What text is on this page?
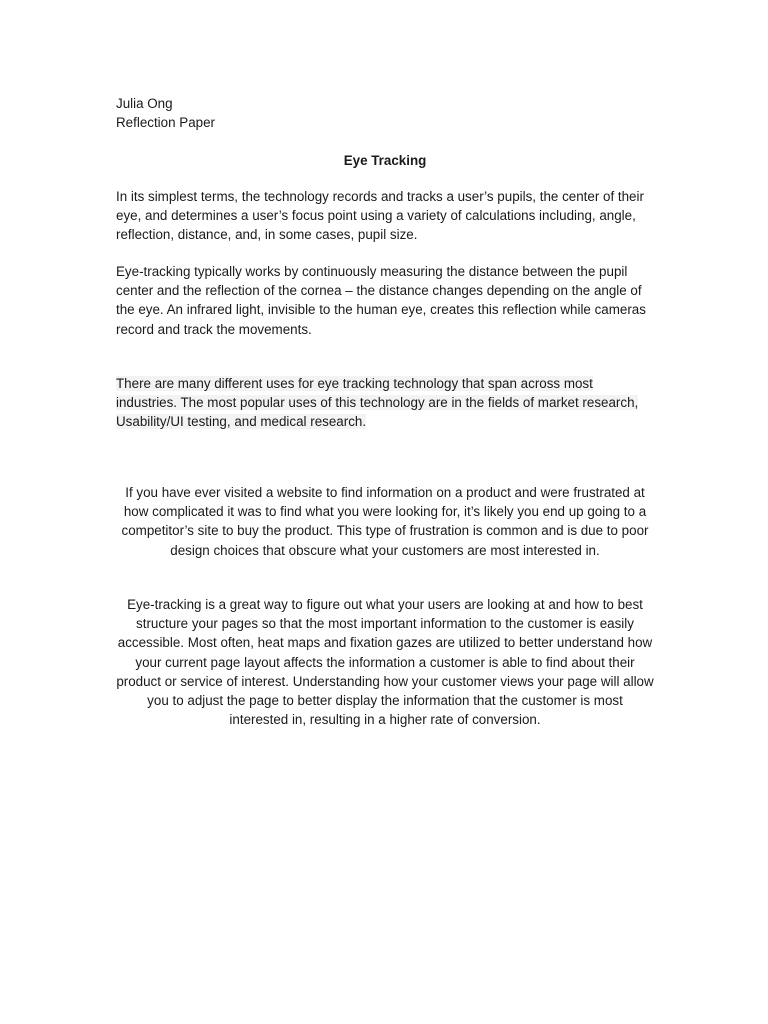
Julia Ong

Reflection Paper

Eye Tracking

In its simplest terms, the technology records and tracks a user’s pupils, the center of their eye, and determines a user’s focus point using a variety of calculations including, angle, reflection, distance, and, in some cases, pupil size.

Eye-tracking typically works by continuously measuring the distance between the pupil center and the reflection of the cornea – the distance changes depending on the angle of the eye. An infrared light, invisible to the human eye, creates this reflection while cameras record and track the movements.

There are many different uses for eye tracking technology that span across most industries. The most popular uses of this technology are in the fields of market research, Usability/UI testing, and medical research.

If you have ever visited a website to find information on a product and were frustrated at how complicated it was to find what you were looking for, it’s likely you end up going to a competitor’s site to buy the product. This type of frustration is common and is due to poor design choices that obscure what your customers are most interested in.

Eye-tracking is a great way to figure out what your users are looking at and how to best structure your pages so that the most important information to the customer is easily accessible. Most often, heat maps and fixation gazes are utilized to better understand how your current page layout affects the information a customer is able to find about their product or service of interest. Understanding how your customer views your page will allow you to adjust the page to better display the information that the customer is most interested in, resulting in a higher rate of conversion.
